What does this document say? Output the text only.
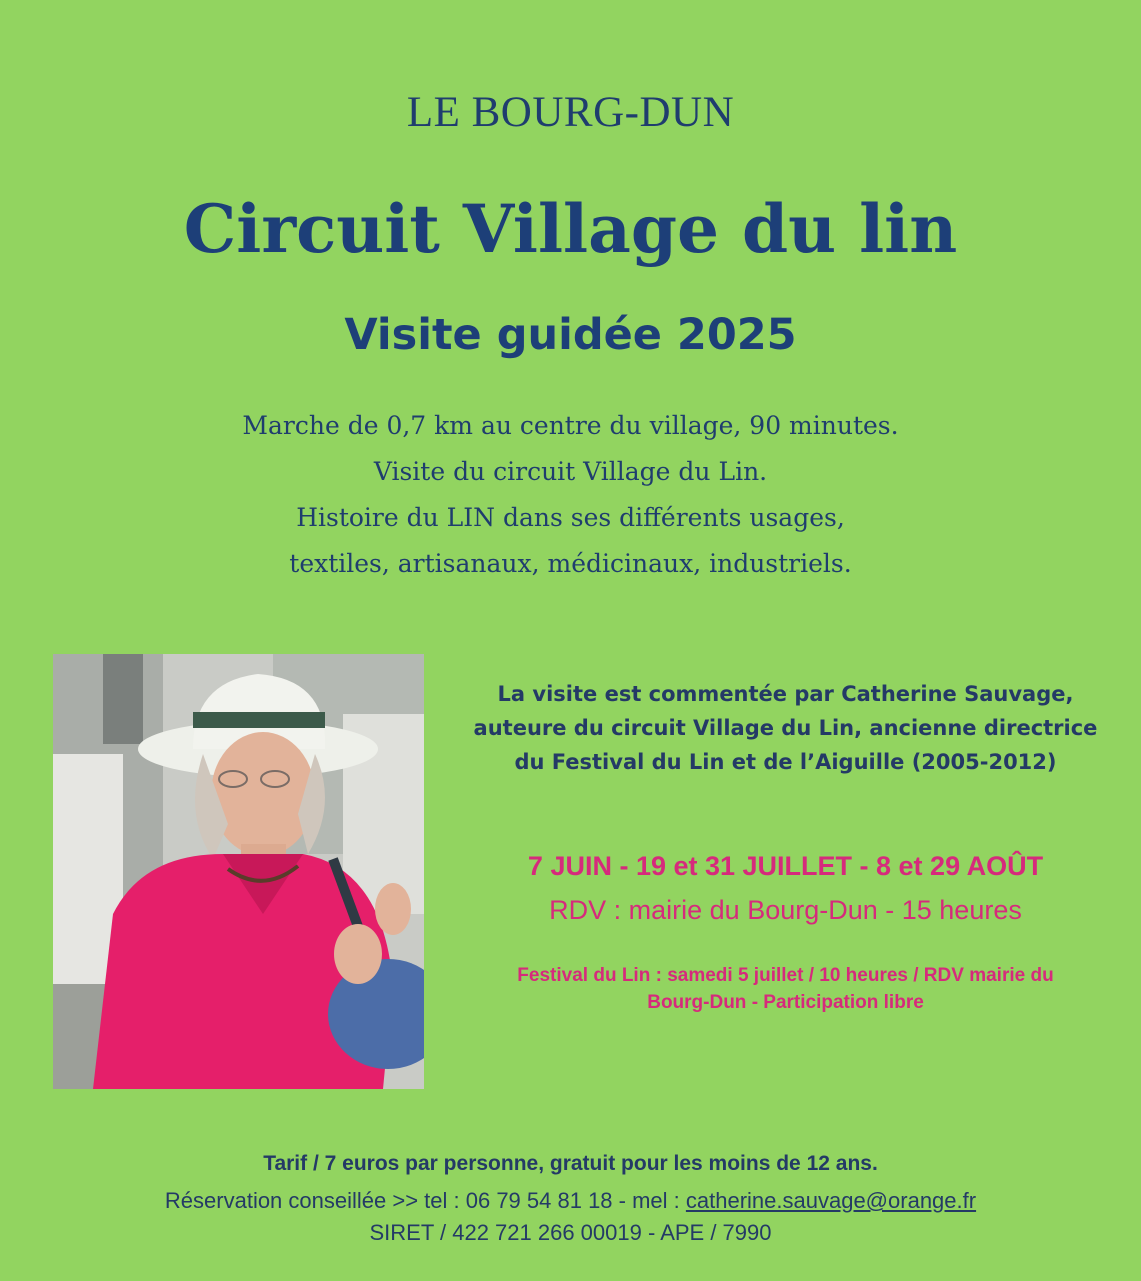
LE BOURG-DUN
Circuit Village du lin
Visite guidée 2025
Marche de 0,7 km au centre du village, 90 minutes.
Visite du circuit Village du Lin.
Histoire du LIN dans ses différents usages,
textiles, artisanaux, médicinaux, industriels.
La visite est commentée par Catherine Sauvage,
auteure du circuit Village du Lin, ancienne directrice
du Festival du Lin et de l’Aiguille (2005-2012)
7 JUIN - 19 et 31 JUILLET - 8 et 29 AOÛT
RDV : mairie du Bourg-Dun - 15 heures
Festival du Lin : samedi 5 juillet / 10 heures / RDV mairie du
Bourg-Dun - Participation libre
Tarif / 7 euros par personne, gratuit pour les moins de 12 ans.
Réservation conseillée >> tel : 06 79 54 81 18 - mel : catherine.sauvage@orange.fr
SIRET / 422 721 266 00019 - APE / 7990
